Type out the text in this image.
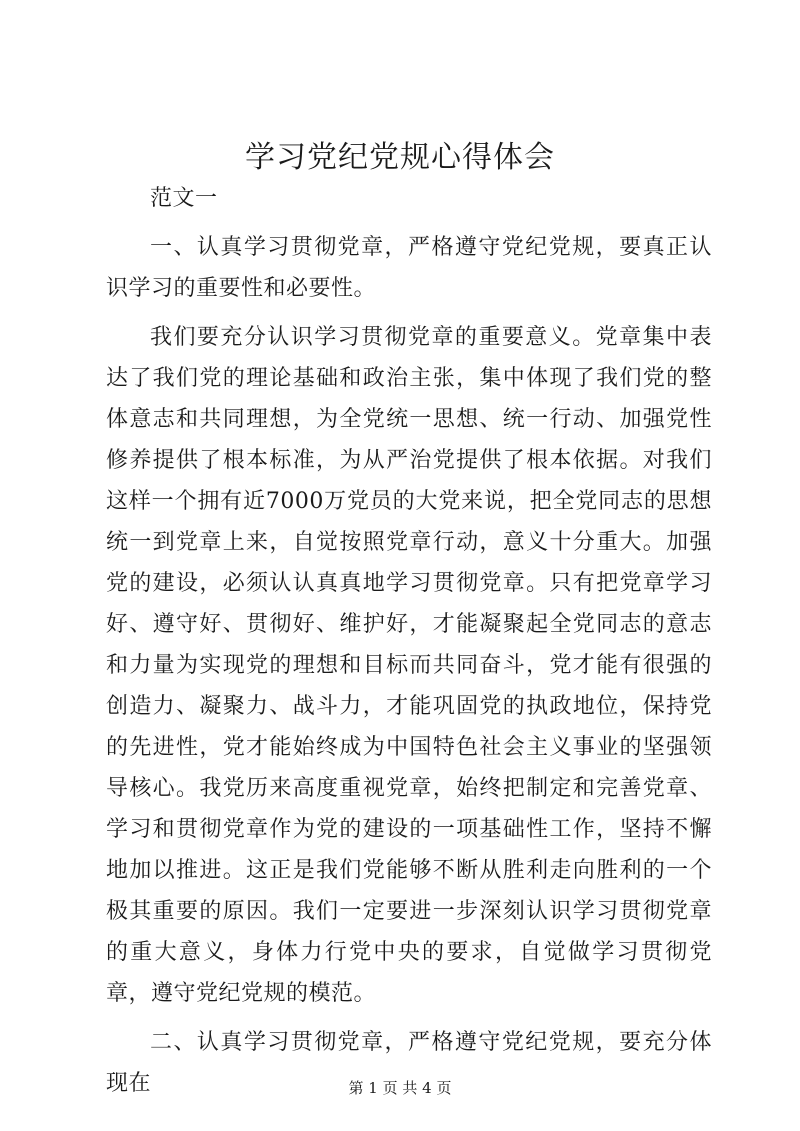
学习党纪党规心得体会

范文一

一、认真学习贯彻党章，严格遵守党纪党规，要真正认识学习的重要性和必要性。

我们要充分认识学习贯彻党章的重要意义。党章集中表达了我们党的理论基础和政治主张，集中体现了我们党的整体意志和共同理想，为全党统一思想、统一行动、加强党性修养提供了根本标准，为从严治党提供了根本依据。对我们这样一个拥有近7000万党员的大党来说，把全党同志的思想统一到党章上来，自觉按照党章行动，意义十分重大。加强党的建设，必须认认真真地学习贯彻党章。只有把党章学习好、遵守好、贯彻好、维护好，才能凝聚起全党同志的意志和力量为实现党的理想和目标而共同奋斗，党才能有很强的创造力、凝聚力、战斗力，才能巩固党的执政地位，保持党的先进性，党才能始终成为中国特色社会主义事业的坚强领导核心。我党历来高度重视党章，始终把制定和完善党章、学习和贯彻党章作为党的建设的一项基础性工作，坚持不懈地加以推进。这正是我们党能够不断从胜利走向胜利的一个极其重要的原因。我们一定要进一步深刻认识学习贯彻党章的重大意义，身体力行党中央的要求，自觉做学习贯彻党章，遵守党纪党规的模范。

二、认真学习贯彻党章，严格遵守党纪党规，要充分体现在	第 1 页 共 4 页
